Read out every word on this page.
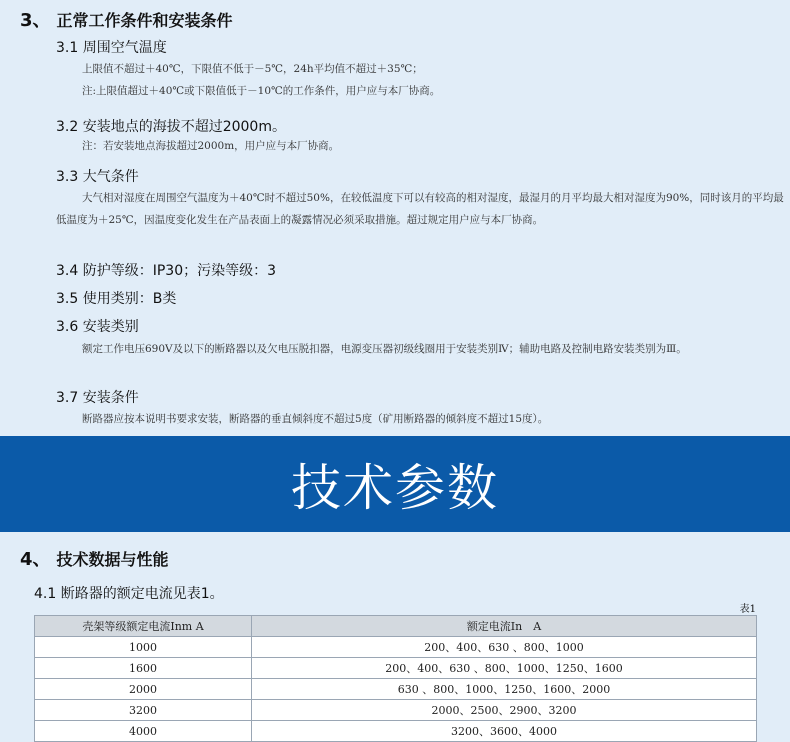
3、 正常工作条件和安装条件
3.1 周围空气温度
上限值不超过＋40℃，下限值不低于－5℃，24h平均值不超过＋35℃；
注:上限值超过＋40℃或下限值低于－10℃的工作条件，用户应与本厂协商。
3.2 安装地点的海拔不超过2000m。
注：若安装地点海拔超过2000m，用户应与本厂协商。
3.3 大气条件
大气相对湿度在周围空气温度为＋40℃时不超过50%，在较低温度下可以有较高的相对湿度，最湿月的月平均最大相对湿度为90%，同时该月的平均最低温度为＋25℃，因温度变化发生在产品表面上的凝露情况必须采取措施。超过规定用户应与本厂协商。
3.4 防护等级：IP30；污染等级：3
3.5 使用类别：B类
3.6 安装类别
额定工作电压690V及以下的断路器以及欠电压脱扣器，电源变压器初级线圈用于安装类别Ⅳ；辅助电路及控制电路安装类别为Ⅲ。
3.7 安装条件
断路器应按本说明书要求安装，断路器的垂直倾斜度不超过5度（矿用断路器的倾斜度不超过15度）。
技术参数
4、 技术数据与性能
4.1 断路器的额定电流见表1。
表1
壳架等级额定电流Inm A	额定电流In　A
1000	200、400、630 、800、1000
1600	200、400、630 、800、1000、1250、1600
2000	630 、800、1000、1250、1600、2000
3200	2000、2500、2900、3200
4000	3200、3600、4000
